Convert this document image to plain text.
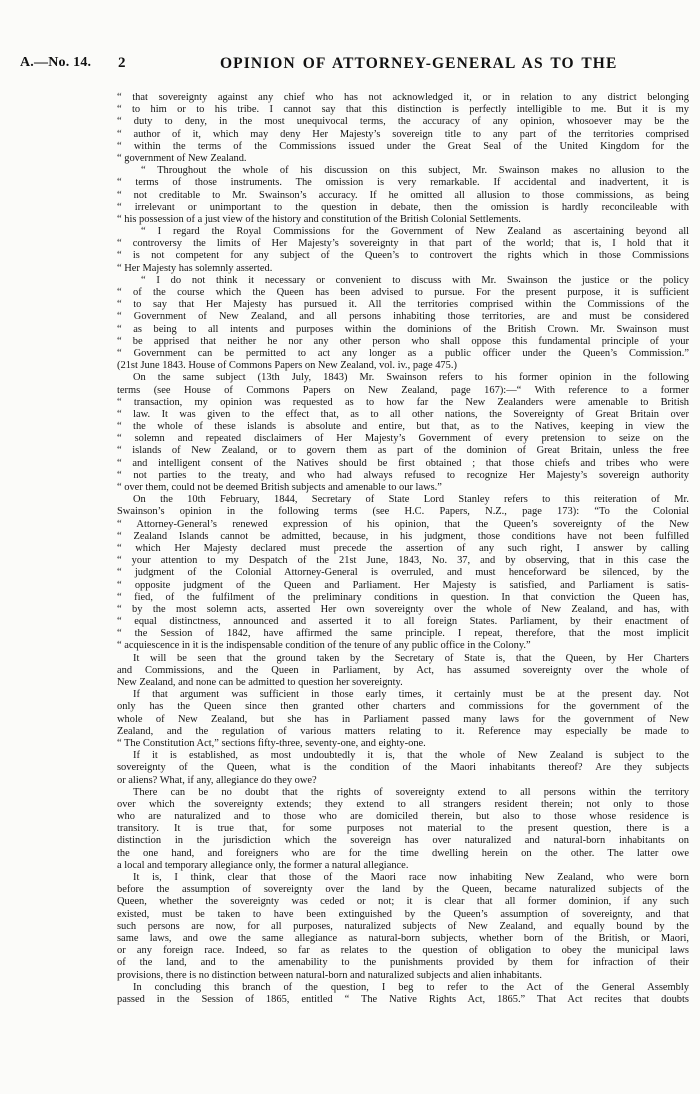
A.—No. 14. 2	OPINION OF ATTORNEY-GENERAL AS TO THE
“ that sovereignty against any chief who has not acknowledged it, or in relation to any district belonging
“ to him or to his tribe. I cannot say that this distinction is perfectly intelligible to me. But it is my
“ duty to deny, in the most unequivocal terms, the accuracy of any opinion, whosoever may be the
“ author of it, which may deny Her Majesty’s sovereign title to any part of the territories comprised
“ within the terms of the Commissions issued under the Great Seal of the United Kingdom for the
“ government of New Zealand.
“ Throughout the whole of his discussion on this subject, Mr. Swainson makes no allusion to the
“ terms of those instruments. The omission is very remarkable. If accidental and inadvertent, it is
“ not creditable to Mr. Swainson’s accuracy. If he omitted all allusion to those commissions, as being
“ irrelevant or unimportant to the question in debate, then the omission is hardly reconcileable with
“ his possession of a just view of the history and constitution of the British Colonial Settlements.
“ I regard the Royal Commissions for the Government of New Zealand as ascertaining beyond all
“ controversy the limits of Her Majesty’s sovereignty in that part of the world; that is, I hold that it
“ is not competent for any subject of the Queen’s to controvert the rights which in those Commissions
“ Her Majesty has solemnly asserted.
“ I do not think it necessary or convenient to discuss with Mr. Swainson the justice or the policy
“ of the course which the Queen has been advised to pursue. For the present purpose, it is sufficient
“ to say that Her Majesty has pursued it. All the territories comprised within the Commissions of the
“ Government of New Zealand, and all persons inhabiting those territories, are and must be considered
“ as being to all intents and purposes within the dominions of the British Crown. Mr. Swainson must
“ be apprised that neither he nor any other person who shall oppose this fundamental principle of your
“ Government can be permitted to act any longer as a public officer under the Queen’s Commission.”
(21st June 1843. House of Commons Papers on New Zealand, vol. iv., page 475.)
On the same subject (13th July, 1843) Mr. Swainson refers to his former opinion in the following
terms (see House of Commons Papers on New Zealand, page 167):—“ With reference to a former
“ transaction, my opinion was requested as to how far the New Zealanders were amenable to British
“ law. It was given to the effect that, as to all other nations, the Sovereignty of Great Britain over
“ the whole of these islands is absolute and entire, but that, as to the Natives, keeping in view the
“ solemn and repeated disclaimers of Her Majesty’s Government of every pretension to seize on the
“ islands of New Zealand, or to govern them as part of the dominion of Great Britain, unless the free
“ and intelligent consent of the Natives should be first obtained ; that those chiefs and tribes who were
“ not parties to the treaty, and who had always refused to recognize Her Majesty’s sovereign authority
“ over them, could not be deemed British subjects and amenable to our laws.”
On the 10th February, 1844, Secretary of State Lord Stanley refers to this reiteration of Mr.
Swainson’s opinion in the following terms (see H.C. Papers, N.Z., page 173): “To the Colonial
“ Attorney-General’s renewed expression of his opinion, that the Queen’s sovereignty of the New
“ Zealand Islands cannot be admitted, because, in his judgment, those conditions have not been fulfilled
“ which Her Majesty declared must precede the assertion of any such right, I answer by calling
“ your attention to my Despatch of the 21st June, 1843, No. 37, and by observing, that in this case the
“ judgment of the Colonial Attorney-General is overruled, and must henceforward be silenced, by the
“ opposite judgment of the Queen and Parliament. Her Majesty is satisfied, and Parliament is satis-
“ fied, of the fulfilment of the preliminary conditions in question. In that conviction the Queen has,
“ by the most solemn acts, asserted Her own sovereignty over the whole of New Zealand, and has, with
“ equal distinctness, announced and asserted it to all foreign States. Parliament, by their enactment of
“ the Session of 1842, have affirmed the same principle. I repeat, therefore, that the most implicit
“ acquiescence in it is the indispensable condition of the tenure of any public office in the Colony.”
It will be seen that the ground taken by the Secretary of State is, that the Queen, by Her Charters
and Commissions, and the Queen in Parliament, by Act, has assumed sovereignty over the whole of
New Zealand, and none can be admitted to question her sovereignty.
If that argument was sufficient in those early times, it certainly must be at the present day. Not
only has the Queen since then granted other charters and commissions for the government of the
whole of New Zealand, but she has in Parliament passed many laws for the government of New
Zealand, and the regulation of various matters relating to it. Reference may especially be made to
“ The Constitution Act,” sections fifty-three, seventy-one, and eighty-one.
If it is established, as most undoubtedly it is, that the whole of New Zealand is subject to the
sovereignty of the Queen, what is the condition of the Maori inhabitants thereof? Are they subjects
or aliens? What, if any, allegiance do they owe?
There can be no doubt that the rights of sovereignty extend to all persons within the territory
over which the sovereignty extends; they extend to all strangers resident therein; not only to those
who are naturalized and to those who are domiciled therein, but also to those whose residence is
transitory. It is true that, for some purposes not material to the present question, there is a
distinction in the jurisdiction which the sovereign has over naturalized and natural-born inhabitants on
the one hand, and foreigners who are for the time dwelling herein on the other. The latter owe
a local and temporary allegiance only, the former a natural allegiance.
It is, I think, clear that those of the Maori race now inhabiting New Zealand, who were born
before the assumption of sovereignty over the land by the Queen, became naturalized subjects of the
Queen, whether the sovereignty was ceded or not; it is clear that all former dominion, if any such
existed, must be taken to have been extinguished by the Queen’s assumption of sovereignty, and that
such persons are now, for all purposes, naturalized subjects of New Zealand, and equally bound by the
same laws, and owe the same allegiance as natural-born subjects, whether born of the British, or Maori,
or any foreign race. Indeed, so far as relates to the question of obligation to obey the municipal laws
of the land, and to the amenability to the punishments provided by them for infraction of their
provisions, there is no distinction between natural-born and naturalized subjects and alien inhabitants.
In concluding this branch of the question, I beg to refer to the Act of the General Assembly
passed in the Session of 1865, entitled “ The Native Rights Act, 1865.” That Act recites that doubts
